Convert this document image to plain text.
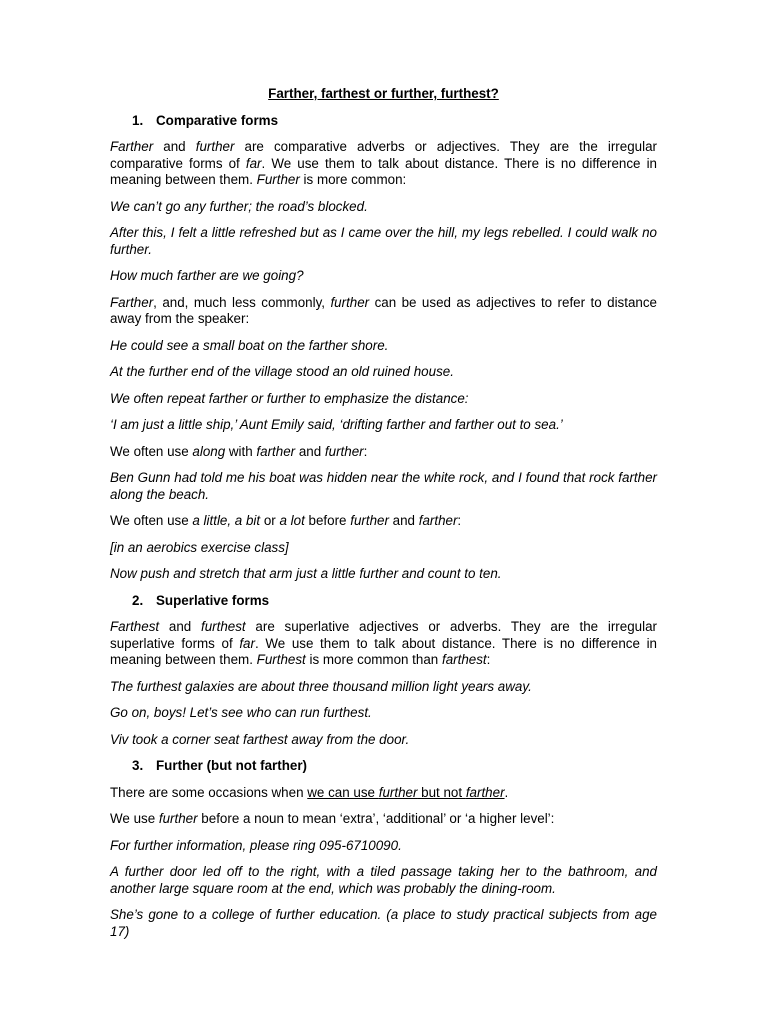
Farther, farthest or further, furthest?
1. Comparative forms

Farther and further are comparative adverbs or adjectives. They are the irregular comparative forms of far. We use them to talk about distance. There is no difference in meaning between them. Further is more common:

We can’t go any further; the road’s blocked.

After this, I felt a little refreshed but as I came over the hill, my legs rebelled. I could walk no further.

How much farther are we going?

Farther, and, much less commonly, further can be used as adjectives to refer to distance away from the speaker:

He could see a small boat on the farther shore.

At the further end of the village stood an old ruined house.

We often repeat farther or further to emphasize the distance:

‘I am just a little ship,’ Aunt Emily said, ‘drifting farther and farther out to sea.’

We often use along with farther and further:

Ben Gunn had told me his boat was hidden near the white rock, and I found that rock farther along the beach.

We often use a little, a bit or a lot before further and farther:

[in an aerobics exercise class]

Now push and stretch that arm just a little further and count to ten.

2. Superlative forms

Farthest and furthest are superlative adjectives or adverbs. They are the irregular superlative forms of far. We use them to talk about distance. There is no difference in meaning between them. Furthest is more common than farthest:

The furthest galaxies are about three thousand million light years away.

Go on, boys! Let’s see who can run furthest.

Viv took a corner seat farthest away from the door.

3. Further (but not farther)

There are some occasions when we can use further but not farther.

We use further before a noun to mean ‘extra’, ‘additional’ or ‘a higher level’:

For further information, please ring 095-6710090.

A further door led off to the right, with a tiled passage taking her to the bathroom, and another large square room at the end, which was probably the dining-room.

She’s gone to a college of further education. (a place to study practical subjects from age 17)
